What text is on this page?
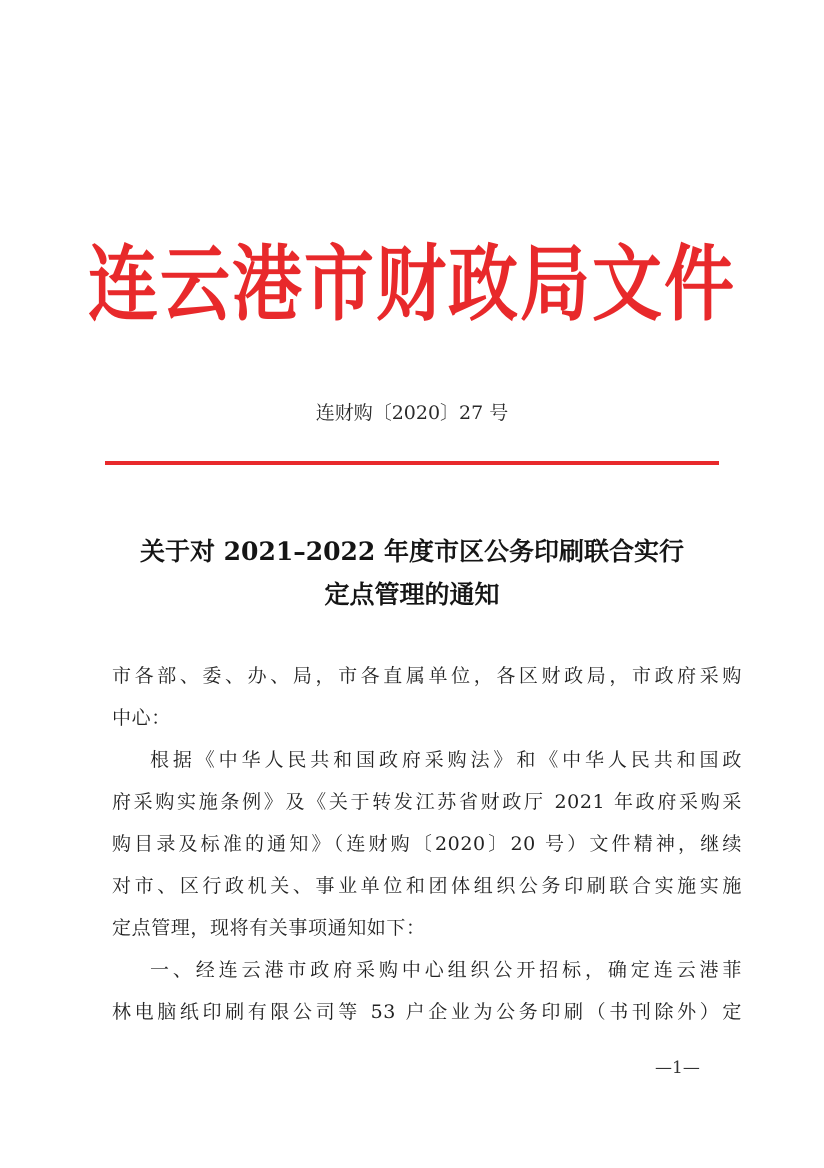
连云港市财政局文件
连财购〔2020〕27 号
关于对 2021–2022 年度市区公务印刷联合实行
定点管理的通知
市各部、委、办、局，市各直属单位，各区财政局，市政府采购
中心：
根据《中华人民共和国政府采购法》和《中华人民共和国政
府采购实施条例》及《关于转发江苏省财政厅 2021 年政府采购采
购目录及标准的通知》（连财购〔2020〕20 号）文件精神，继续
对市、区行政机关、事业单位和团体组织公务印刷联合实施实施
定点管理，现将有关事项通知如下：
一、经连云港市政府采购中心组织公开招标，确定连云港菲
林电脑纸印刷有限公司等 53 户企业为公务印刷（书刊除外）定
—1—
